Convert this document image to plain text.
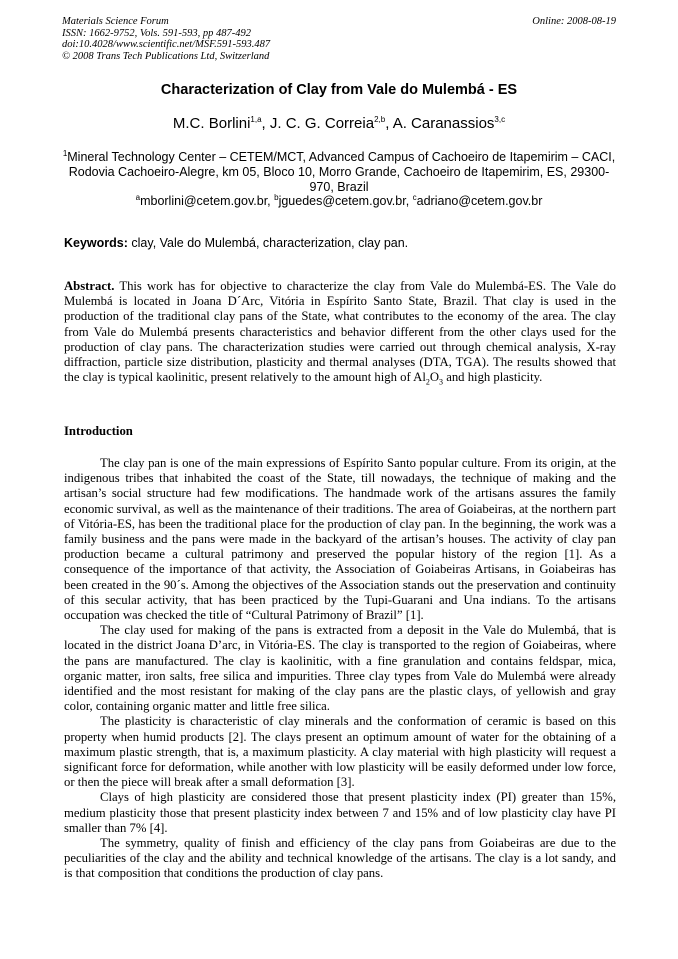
Materials Science Forum
ISSN: 1662-9752, Vols. 591-593, pp 487-492
doi:10.4028/www.scientific.net/MSF.591-593.487
© 2008 Trans Tech Publications Ltd, Switzerland
Online: 2008-08-19
Characterization of Clay from Vale do Mulembá - ES
M.C. Borlini$^{1,a}$, J. C. G. Correia$^{2,b}$, A. Caranassios$^{3,c}$
$^1$Mineral Technology Center – CETEM/MCT, Advanced Campus of Cachoeiro de Itapemirim – CACI, Rodovia Cachoeiro-Alegre, km 05, Bloco 10, Morro Grande, Cachoeiro de Itapemirim, ES, 29300-970, Brazil
$^a$mborlini@cetem.gov.br, $^b$jguedes@cetem.gov.br, $^c$adriano@cetem.gov.br
Keywords: clay, Vale do Mulembá, characterization, clay pan.
Abstract. This work has for objective to characterize the clay from Vale do Mulembá-ES. The Vale do Mulembá is located in Joana D´Arc, Vitória in Espírito Santo State, Brazil. That clay is used in the production of the traditional clay pans of the State, what contributes to the economy of the area. The clay from Vale do Mulembá presents characteristics and behavior different from the other clays used for the production of clay pans. The characterization studies were carried out through chemical analysis, X-ray diffraction, particle size distribution, plasticity and thermal analyses (DTA, TGA). The results showed that the clay is typical kaolinitic, present relatively to the amount high of $Al_2O_3$ and high plasticity.
Introduction

The clay pan is one of the main expressions of Espírito Santo popular culture. From its origin, at the indigenous tribes that inhabited the coast of the State, till nowadays, the technique of making and the artisan’s social structure had few modifications. The handmade work of the artisans assures the family economic survival, as well as the maintenance of their traditions. The area of Goiabeiras, at the northern part of Vitória-ES, has been the traditional place for the production of clay pan. In the beginning, the work was a family business and the pans were made in the backyard of the artisan’s houses. The activity of clay pan production became a cultural patrimony and preserved the popular history of the region [1]. As a consequence of the importance of that activity, the Association of Goiabeiras Artisans, in Goiabeiras has been created in the 90´s. Among the objectives of the Association stands out the preservation and continuity of this secular activity, that has been practiced by the Tupi-Guarani and Una indians. To the artisans occupation was checked the title of “Cultural Patrimony of Brazil” [1].

The clay used for making of the pans is extracted from a deposit in the Vale do Mulembá, that is located in the district Joana D’arc, in Vitória-ES. The clay is transported to the region of Goiabeiras, where the pans are manufactured. The clay is kaolinitic, with a fine granulation and contains feldspar, mica, organic matter, iron salts, free silica and impurities. Three clay types from Vale do Mulembá were already identified and the most resistant for making of the clay pans are the plastic clays, of yellowish and gray color, containing organic matter and little free silica.

The plasticity is characteristic of clay minerals and the conformation of ceramic is based on this property when humid products [2]. The clays present an optimum amount of water for the obtaining of a maximum plastic strength, that is, a maximum plasticity. A clay material with high plasticity will request a significant force for deformation, while another with low plasticity will be easily deformed under low force, or then the piece will break after a small deformation [3].

Clays of high plasticity are considered those that present plasticity index (PI) greater than 15%, medium plasticity those that present plasticity index between 7 and 15% and of low plasticity clay have PI smaller than 7% [4].

The symmetry, quality of finish and efficiency of the clay pans from Goiabeiras are due to the peculiarities of the clay and the ability and technical knowledge of the artisans. The clay is a lot sandy, and is that composition that conditions the production of clay pans.
